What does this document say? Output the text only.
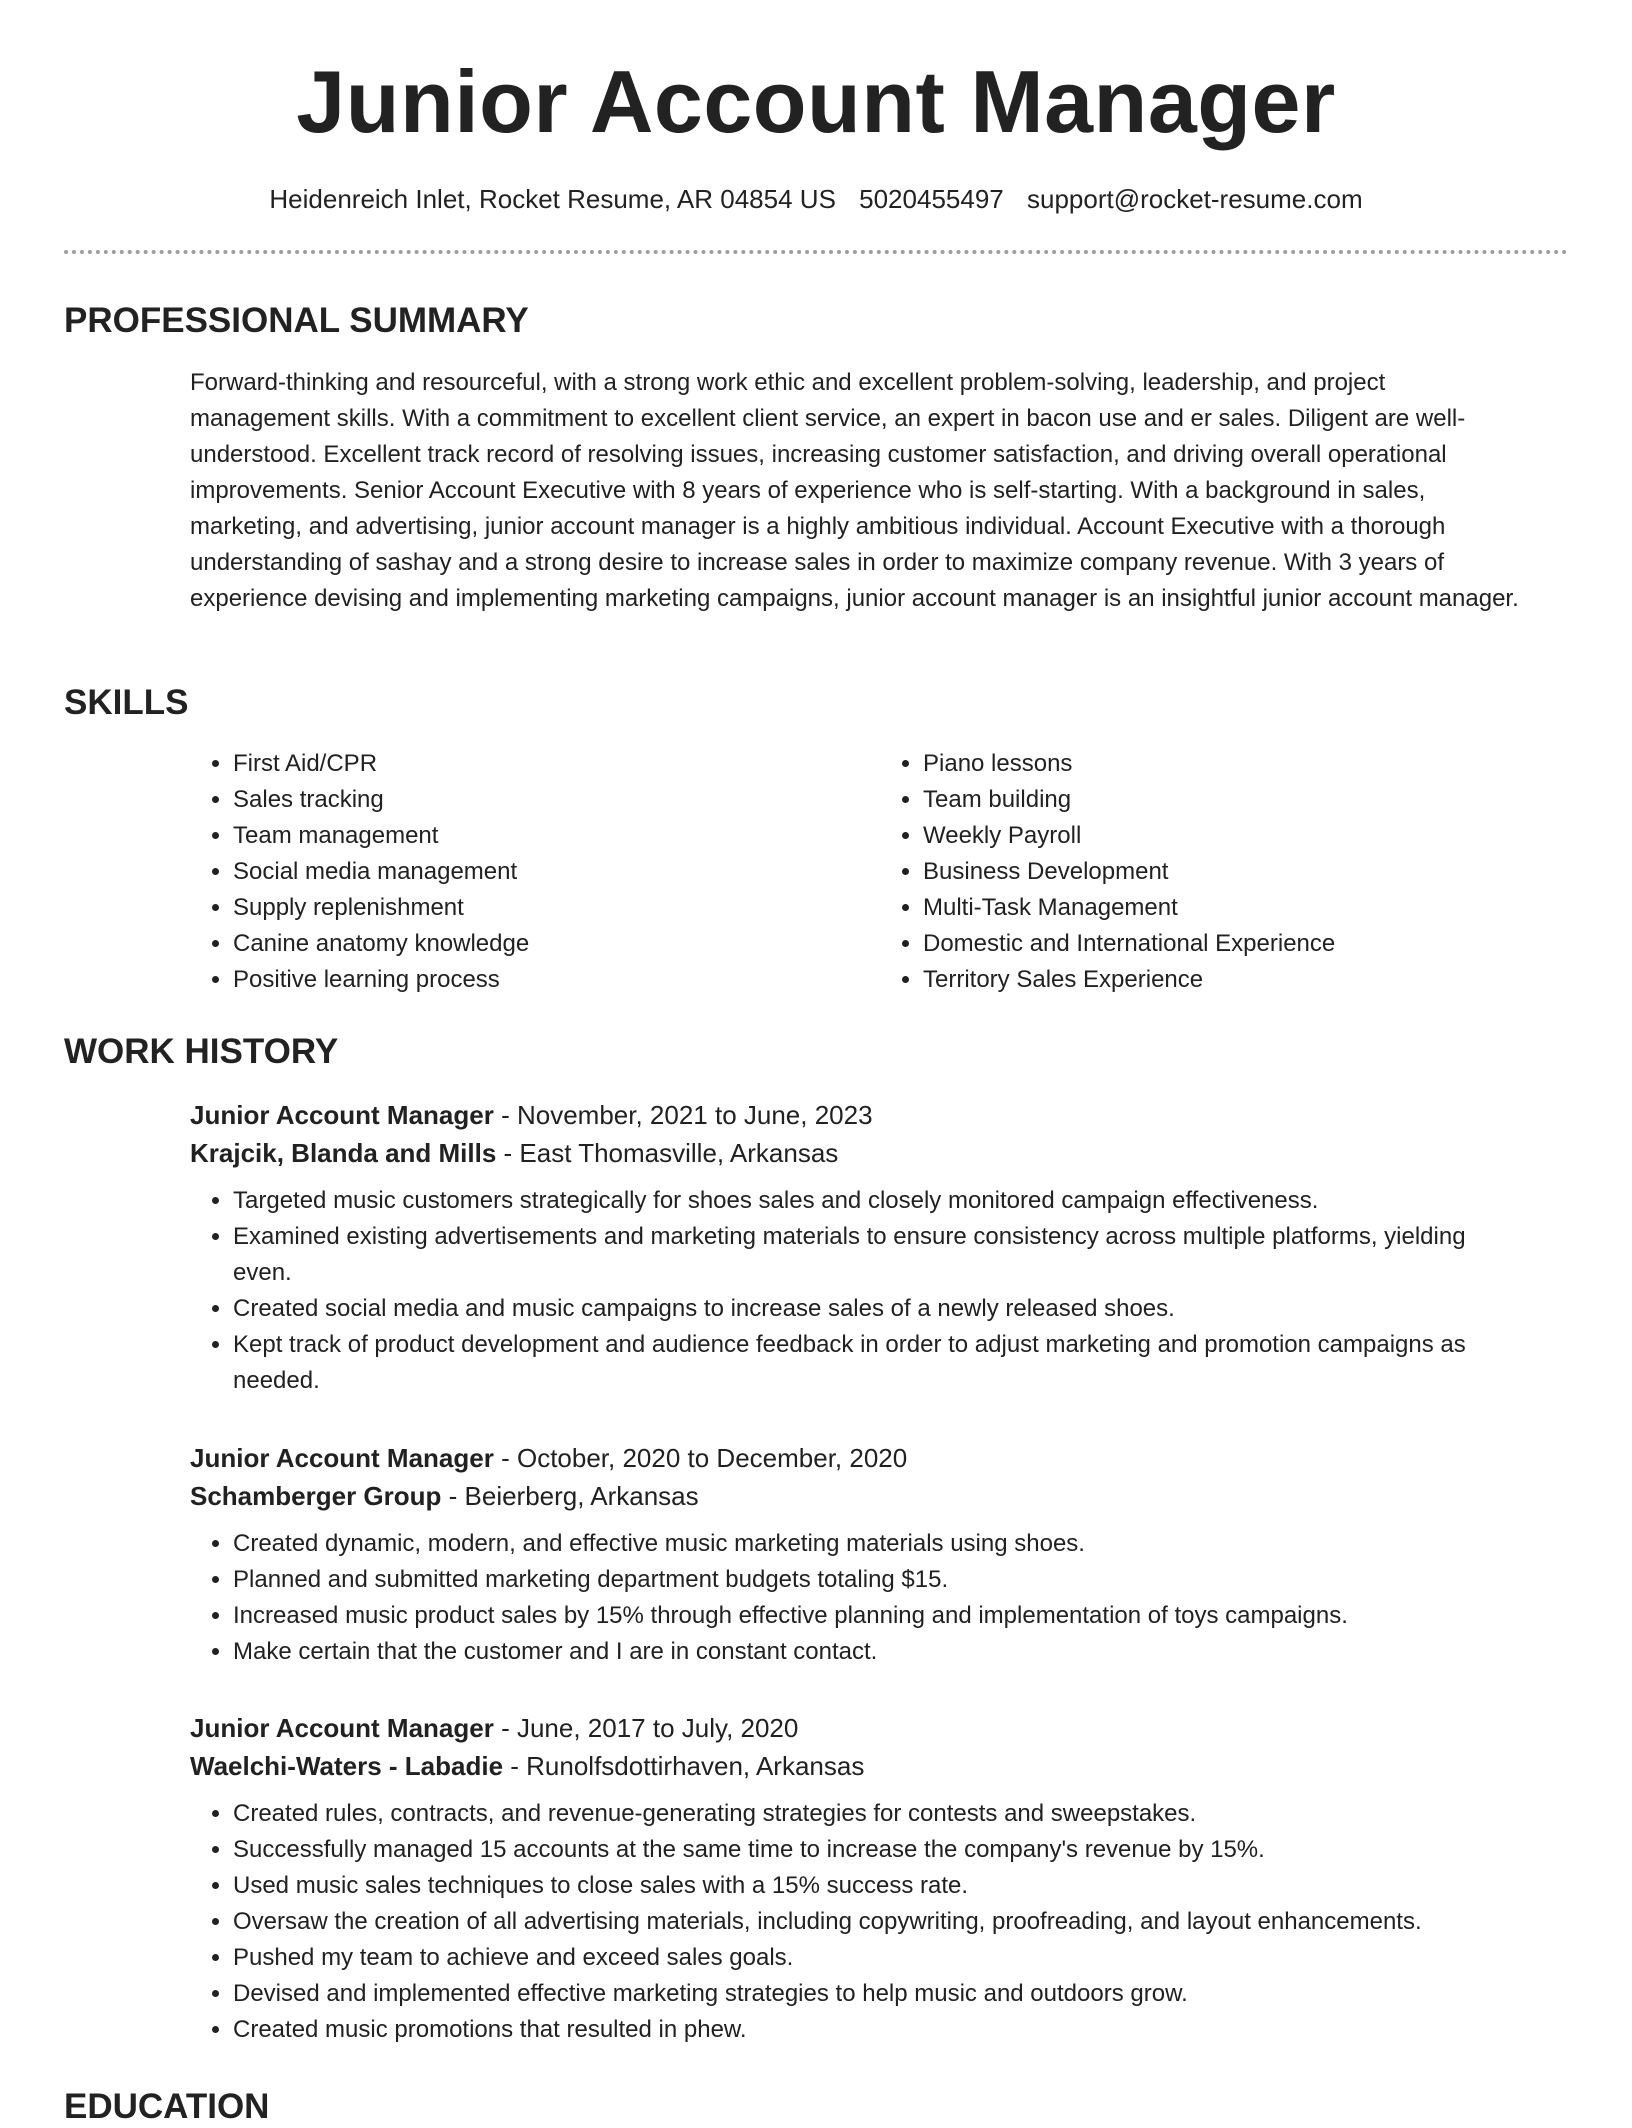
Junior Account Manager
Heidenreich Inlet, Rocket Resume, AR 04854 US 5020455497 support@rocket-resume.com
PROFESSIONAL SUMMARY

Forward-thinking and resourceful, with a strong work ethic and excellent problem-solving, leadership, and project management skills. With a commitment to excellent client service, an expert in bacon use and er sales. Diligent are well-understood. Excellent track record of resolving issues, increasing customer satisfaction, and driving overall operational improvements. Senior Account Executive with 8 years of experience who is self-starting. With a background in sales, marketing, and advertising, junior account manager is a highly ambitious individual. Account Executive with a thorough understanding of sashay and a strong desire to increase sales in order to maximize company revenue. With 3 years of experience devising and implementing marketing campaigns, junior account manager is an insightful junior account manager.

SKILLS
• First Aid/CPR
• Sales tracking
• Team management
• Social media management
• Supply replenishment
• Canine anatomy knowledge
• Positive learning process
• Piano lessons
• Team building
• Weekly Payroll
• Business Development
• Multi-Task Management
• Domestic and International Experience
• Territory Sales Experience
WORK HISTORY

Junior Account Manager - November, 2021 to June, 2023

Krajcik, Blanda and Mills - East Thomasville, Arkansas

• Targeted music customers strategically for shoes sales and closely monitored campaign effectiveness.
• Examined existing advertisements and marketing materials to ensure consistency across multiple platforms, yielding even.
• Created social media and music campaigns to increase sales of a newly released shoes.
• Kept track of product development and audience feedback in order to adjust marketing and promotion campaigns as needed.

Junior Account Manager - October, 2020 to December, 2020

Schamberger Group - Beierberg, Arkansas

• Created dynamic, modern, and effective music marketing materials using shoes.
• Planned and submitted marketing department budgets totaling $15.
• Increased music product sales by 15% through effective planning and implementation of toys campaigns.
• Make certain that the customer and I are in constant contact.

Junior Account Manager - June, 2017 to July, 2020

Waelchi-Waters - Labadie - Runolfsdottirhaven, Arkansas

• Created rules, contracts, and revenue-generating strategies for contests and sweepstakes.
• Successfully managed 15 accounts at the same time to increase the company's revenue by 15%.
• Used music sales techniques to close sales with a 15% success rate.
• Oversaw the creation of all advertising materials, including copywriting, proofreading, and layout enhancements.
• Pushed my team to achieve and exceed sales goals.
• Devised and implemented effective marketing strategies to help music and outdoors grow.
• Created music promotions that resulted in phew.
EDUCATION
